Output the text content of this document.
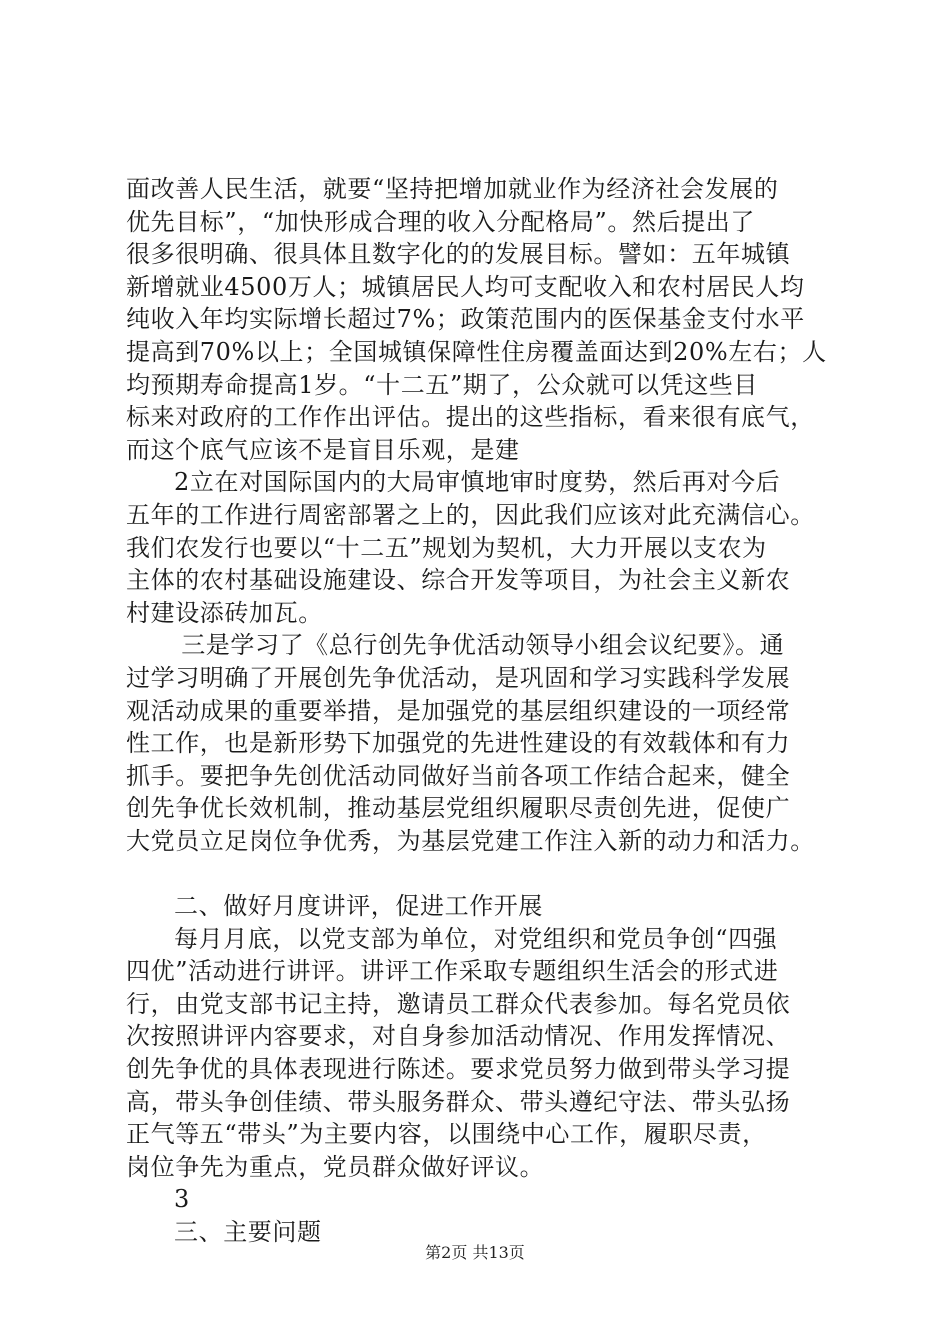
面改善人民生活，就要“坚持把增加就业作为经济社会发展的
优先目标”，“加快形成合理的收入分配格局”。然后提出了
很多很明确、很具体且数字化的的发展目标。譬如：五年城镇
新增就业4500万人；城镇居民人均可支配收入和农村居民人均
纯收入年均实际增长超过7%；政策范围内的医保基金支付水平
提高到70%以上；全国城镇保障性住房覆盖面达到20%左右；人
均预期寿命提高1岁。“十二五”期了，公众就可以凭这些目
标来对政府的工作作出评估。提出的这些指标，看来很有底气，
而这个底气应该不是盲目乐观，是建
2立在对国际国内的大局审慎地审时度势，然后再对今后
五年的工作进行周密部署之上的，因此我们应该对此充满信心。
我们农发行也要以“十二五”规划为契机，大力开展以支农为
主体的农村基础设施建设、综合开发等项目，为社会主义新农
村建设添砖加瓦。
三是学习了《总行创先争优活动领导小组会议纪要》。通
过学习明确了开展创先争优活动，是巩固和学习实践科学发展
观活动成果的重要举措，是加强党的基层组织建设的一项经常
性工作，也是新形势下加强党的先进性建设的有效载体和有力
抓手。要把争先创优活动同做好当前各项工作结合起来，健全
创先争优长效机制，推动基层党组织履职尽责创先进，促使广
大党员立足岗位争优秀，为基层党建工作注入新的动力和活力。
二、做好月度讲评，促进工作开展
每月月底，以党支部为单位，对党组织和党员争创“四强
四优”活动进行讲评。讲评工作采取专题组织生活会的形式进
行，由党支部书记主持，邀请员工群众代表参加。每名党员依
次按照讲评内容要求，对自身参加活动情况、作用发挥情况、
创先争优的具体表现进行陈述。要求党员努力做到带头学习提
高，带头争创佳绩、带头服务群众、带头遵纪守法、带头弘扬
正气等五“带头”为主要内容，以围绕中心工作，履职尽责，
岗位争先为重点，党员群众做好评议。
3
三、主要问题
第2页 共13页
